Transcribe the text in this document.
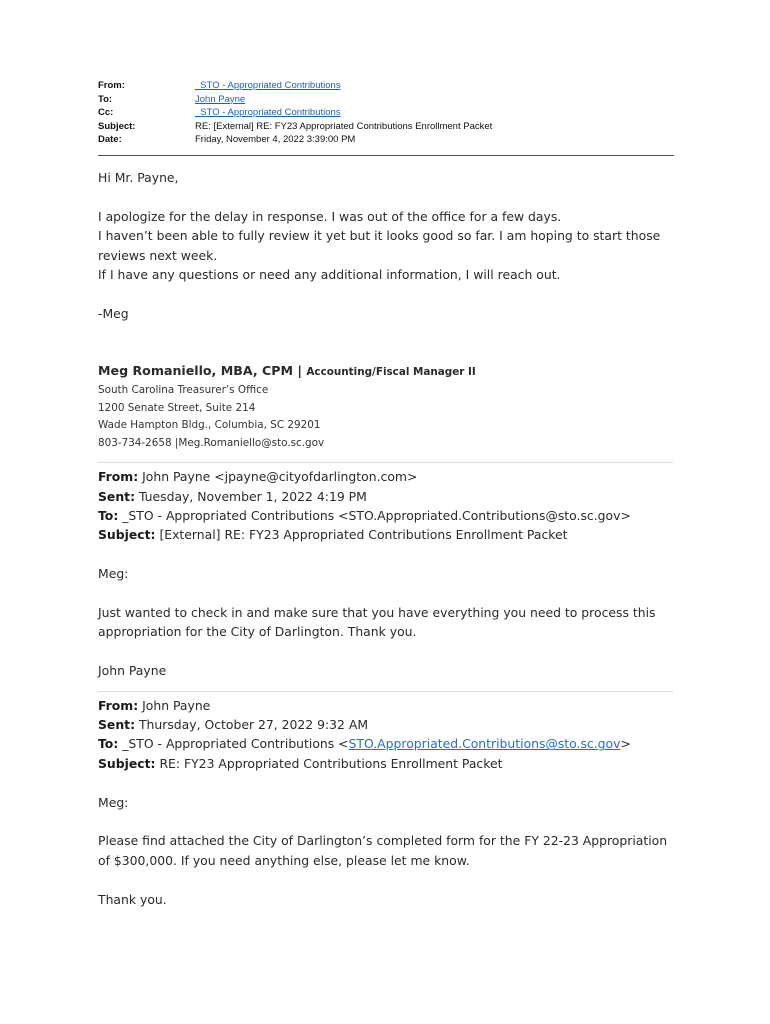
From:	_STO - Appropriated Contributions
To:	John Payne
Cc:	_STO - Appropriated Contributions
Subject:	RE: [External] RE: FY23 Appropriated Contributions Enrollment Packet
Date:	Friday, November 4, 2022 3:39:00 PM

Hi Mr. Payne,

I apologize for the delay in response. I was out of the office for a few days.

I haven’t been able to fully review it yet but it looks good so far. I am hoping to start those reviews next week.

If I have any questions or need any additional information, I will reach out.

-Meg

Meg Romaniello, MBA, CPM | Accounting/Fiscal Manager II

South Carolina Treasurer’s Office

1200 Senate Street, Suite 214

Wade Hampton Bldg., Columbia, SC 29201

803-734-2658 |Meg.Romaniello@sto.sc.gov

From: John Payne <jpayne@cityofdarlington.com>

Sent: Tuesday, November 1, 2022 4:19 PM

To: _STO - Appropriated Contributions <STO.Appropriated.Contributions@sto.sc.gov>

Subject: [External] RE: FY23 Appropriated Contributions Enrollment Packet

Meg:

Just wanted to check in and make sure that you have everything you need to process this appropriation for the City of Darlington. Thank you.

John Payne

From: John Payne

Sent: Thursday, October 27, 2022 9:32 AM

To: _STO - Appropriated Contributions <STO.Appropriated.Contributions@sto.sc.gov>

Subject: RE: FY23 Appropriated Contributions Enrollment Packet

Meg:

Please find attached the City of Darlington’s completed form for the FY 22-23 Appropriation of $300,000. If you need anything else, please let me know.

Thank you.
